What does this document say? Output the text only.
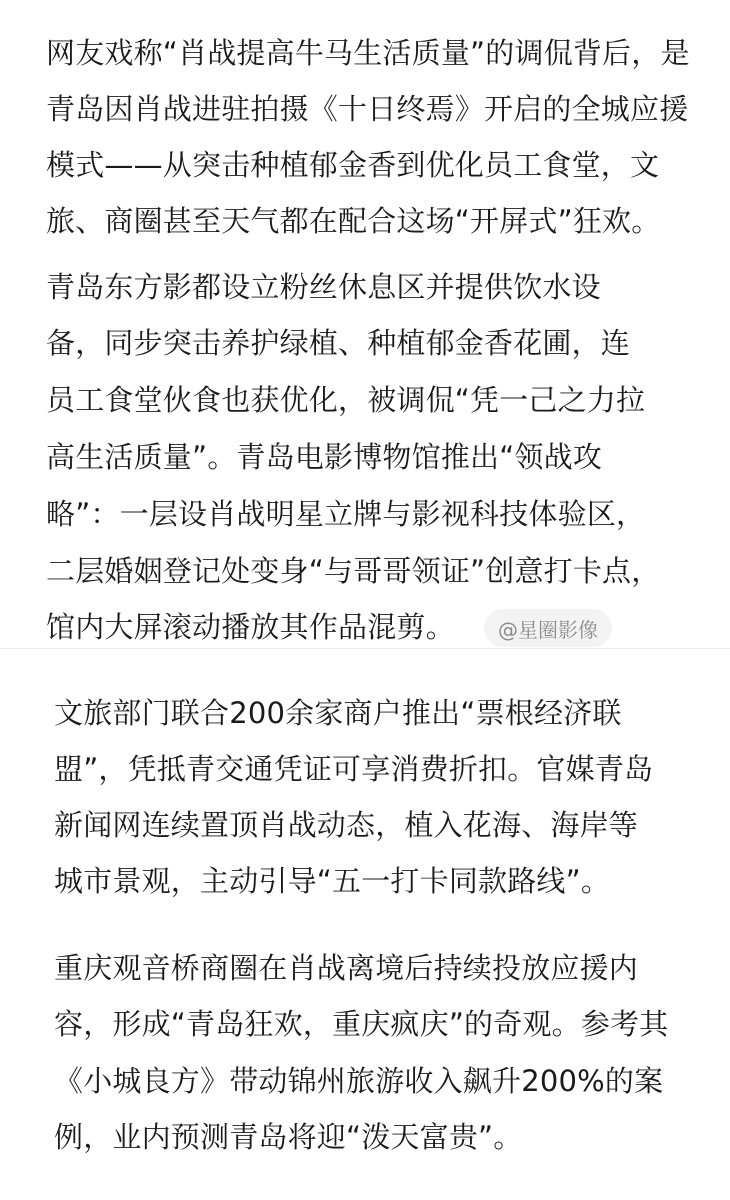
网友戏称“肖战提高牛马生活质量”的调侃背后，是
青岛因肖战进驻拍摄《十日终焉》开启的全城应援
模式——从突击种植郁金香到优化员工食堂，文
旅、商圈甚至天气都在配合这场“开屏式”狂欢。
青岛东方影都设立粉丝休息区并提供饮水设
备，同步突击养护绿植、种植郁金香花圃，连
员工食堂伙食也获优化，被调侃“凭一己之力拉
高生活质量”。青岛电影博物馆推出“领战攻
略”：一层设肖战明星立牌与影视科技体验区，
二层婚姻登记处变身“与哥哥领证”创意打卡点，
馆内大屏滚动播放其作品混剪。	@星圈影像
文旅部门联合200余家商户推出“票根经济联
盟”，凭抵青交通凭证可享消费折扣。官媒青岛
新闻网连续置顶肖战动态，植入花海、海岸等
城市景观，主动引导“五一打卡同款路线”。
重庆观音桥商圈在肖战离境后持续投放应援内
容，形成“青岛狂欢，重庆疯庆”的奇观。参考其
《小城良方》带动锦州旅游收入飙升200%的案
例，业内预测青岛将迎“泼天富贵”。
